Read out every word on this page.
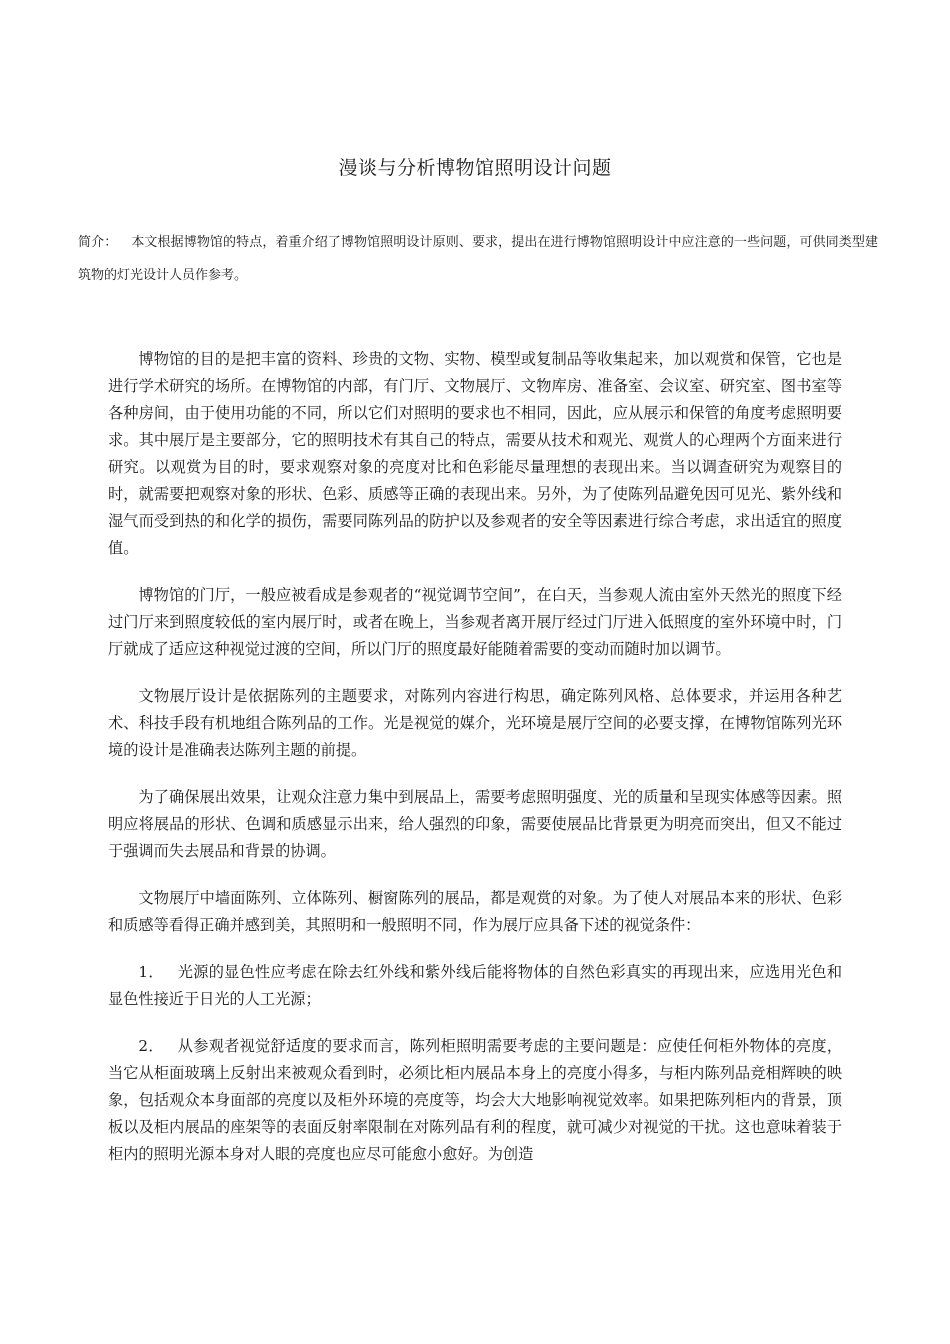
漫谈与分析博物馆照明设计问题
简介： 本文根据博物馆的特点，着重介绍了博物馆照明设计原则、要求，提出在进行博物馆照明设计中应注意的一些问题，可供同类型建筑物的灯光设计人员作参考。

博物馆的目的是把丰富的资料、珍贵的文物、实物、模型或复制品等收集起来，加以观赏和保管，它也是进行学术研究的场所。在博物馆的内部，有门厅、文物展厅、文物库房、准备室、会议室、研究室、图书室等各种房间，由于使用功能的不同，所以它们对照明的要求也不相同，因此，应从展示和保管的角度考虑照明要求。其中展厅是主要部分，它的照明技术有其自己的特点，需要从技术和观光、观赏人的心理两个方面来进行研究。以观赏为目的时，要求观察对象的亮度对比和色彩能尽量理想的表现出来。当以调查研究为观察目的时，就需要把观察对象的形状、色彩、质感等正确的表现出来。另外，为了使陈列品避免因可见光、紫外线和湿气而受到热的和化学的损伤，需要同陈列品的防护以及参观者的安全等因素进行综合考虑，求出适宜的照度值。

博物馆的门厅，一般应被看成是参观者的“视觉调节空间”，在白天，当参观人流由室外天然光的照度下经过门厅来到照度较低的室内展厅时，或者在晚上，当参观者离开展厅经过门厅进入低照度的室外环境中时，门厅就成了适应这种视觉过渡的空间，所以门厅的照度最好能随着需要的变动而随时加以调节。

文物展厅设计是依据陈列的主题要求，对陈列内容进行构思，确定陈列风格、总体要求，并运用各种艺术、科技手段有机地组合陈列品的工作。光是视觉的媒介，光环境是展厅空间的必要支撑，在博物馆陈列光环境的设计是准确表达陈列主题的前提。

为了确保展出效果，让观众注意力集中到展品上，需要考虑照明强度、光的质量和呈现实体感等因素。照明应将展品的形状、色调和质感显示出来，给人强烈的印象，需要使展品比背景更为明亮而突出，但又不能过于强调而失去展品和背景的协调。

文物展厅中墙面陈列、立体陈列、橱窗陈列的展品，都是观赏的对象。为了使人对展品本来的形状、色彩和质感等看得正确并感到美，其照明和一般照明不同，作为展厅应具备下述的视觉条件：

1． 光源的显色性应考虑在除去红外线和紫外线后能将物体的自然色彩真实的再现出来，应选用光色和显色性接近于日光的人工光源；

2． 从参观者视觉舒适度的要求而言，陈列柜照明需要考虑的主要问题是：应使任何柜外物体的亮度，当它从柜面玻璃上反射出来被观众看到时，必须比柜内展品本身上的亮度小得多，与柜内陈列品竞相辉映的映象，包括观众本身面部的亮度以及柜外环境的亮度等，均会大大地影响视觉效率。如果把陈列柜内的背景，顶板以及柜内展品的座架等的表面反射率限制在对陈列品有利的程度，就可减少对视觉的干扰。这也意味着装于柜内的照明光源本身对人眼的亮度也应尽可能愈小愈好。为创造
